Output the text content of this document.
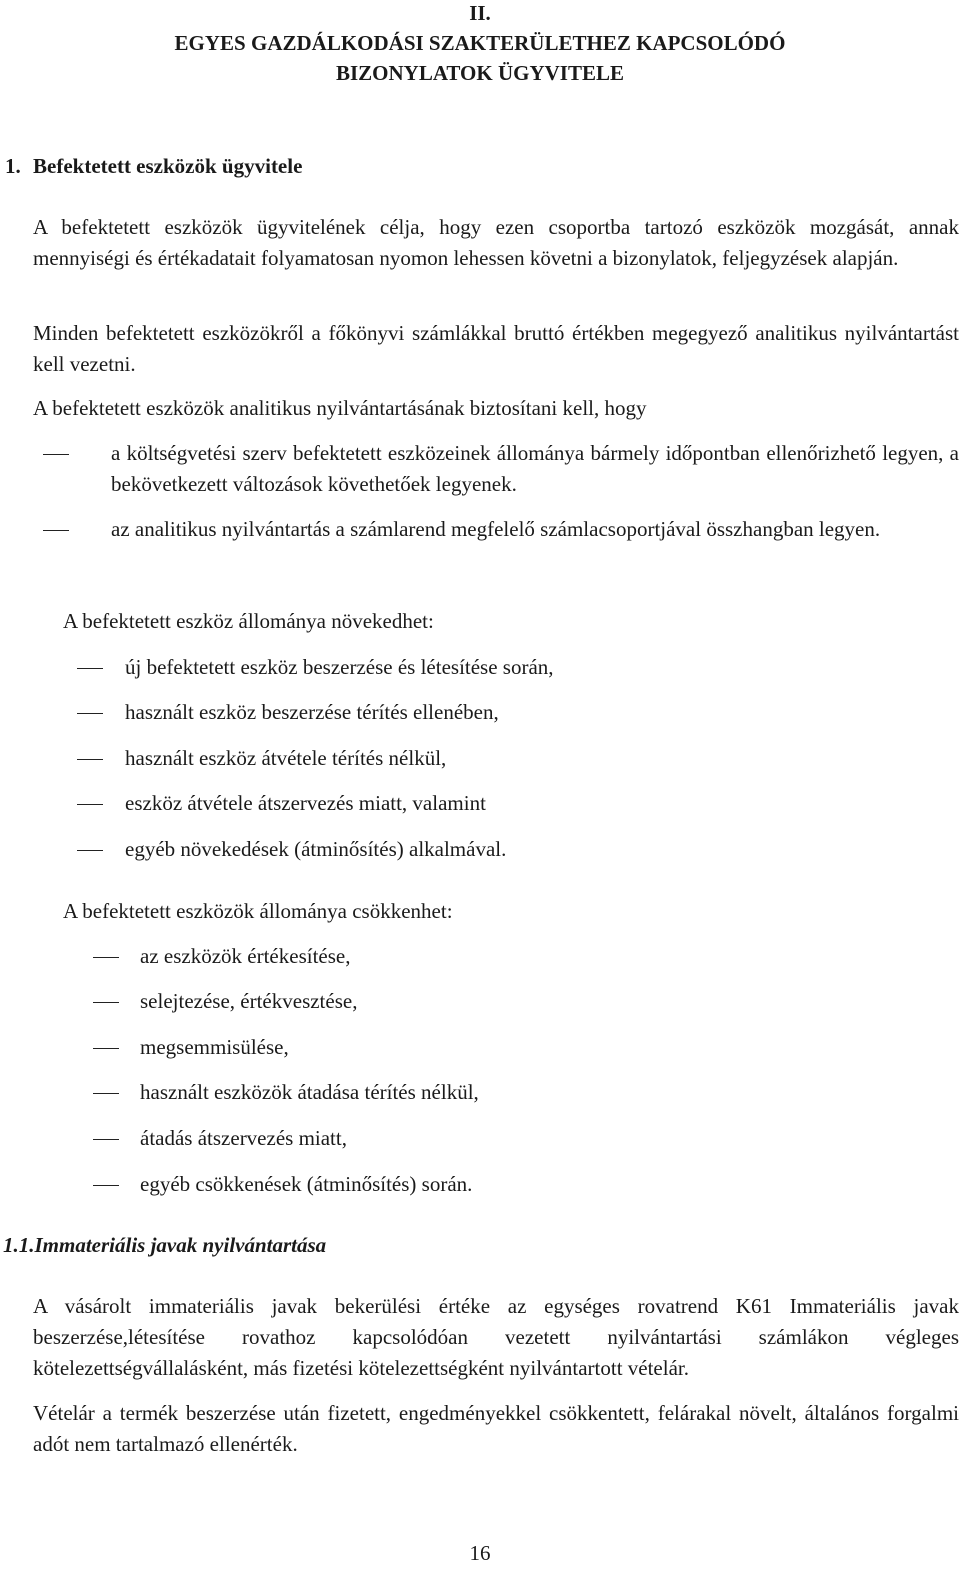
II.
EGYES GAZDÁLKODÁSI SZAKTERÜLETHEZ KAPCSOLÓDÓ
BIZONYLATOK ÜGYVITELE
1. Befektetett eszközök ügyvitele
A befektetett eszközök ügyvitelének célja, hogy ezen csoportba tartozó eszközök mozgását, annak mennyiségi és értékadatait folyamatosan nyomon lehessen követni a bizonylatok, feljegyzések alapján.
Minden befektetett eszközökről a főkönyvi számlákkal bruttó értékben megegyező analitikus nyilvántartást kell vezetni.
A befektetett eszközök analitikus nyilvántartásának biztosítani kell, hogy
a költségvetési szerv befektetett eszközeinek állománya bármely időpontban ellenőrizhető legyen, a bekövetkezett változások követhetőek legyenek.
az analitikus nyilvántartás a számlarend megfelelő számlacsoportjával összhangban legyen.
A befektetett eszköz állománya növekedhet:
új befektetett eszköz beszerzése és létesítése során,
használt eszköz beszerzése térítés ellenében,
használt eszköz átvétele térítés nélkül,
eszköz átvétele átszervezés miatt, valamint
egyéb növekedések (átminősítés) alkalmával.
A befektetett eszközök állománya csökkenhet:
az eszközök értékesítése,
selejtezése, értékvesztése,
megsemmisülése,
használt eszközök átadása térítés nélkül,
átadás átszervezés miatt,
egyéb csökkenések (átminősítés) során.
1.1.Immateriális javak nyilvántartása
A vásárolt immateriális javak bekerülési értéke az egységes rovatrend K61 Immateriális javak beszerzése,létesítése rovathoz kapcsolódóan vezetett nyilvántartási számlákon végleges kötelezettségvállalásként, más fizetési kötelezettségként nyilvántartott vételár.
Vételár a termék beszerzése után fizetett, engedményekkel csökkentett, felárakal növelt, általános forgalmi adót nem tartalmazó ellenérték.
16
